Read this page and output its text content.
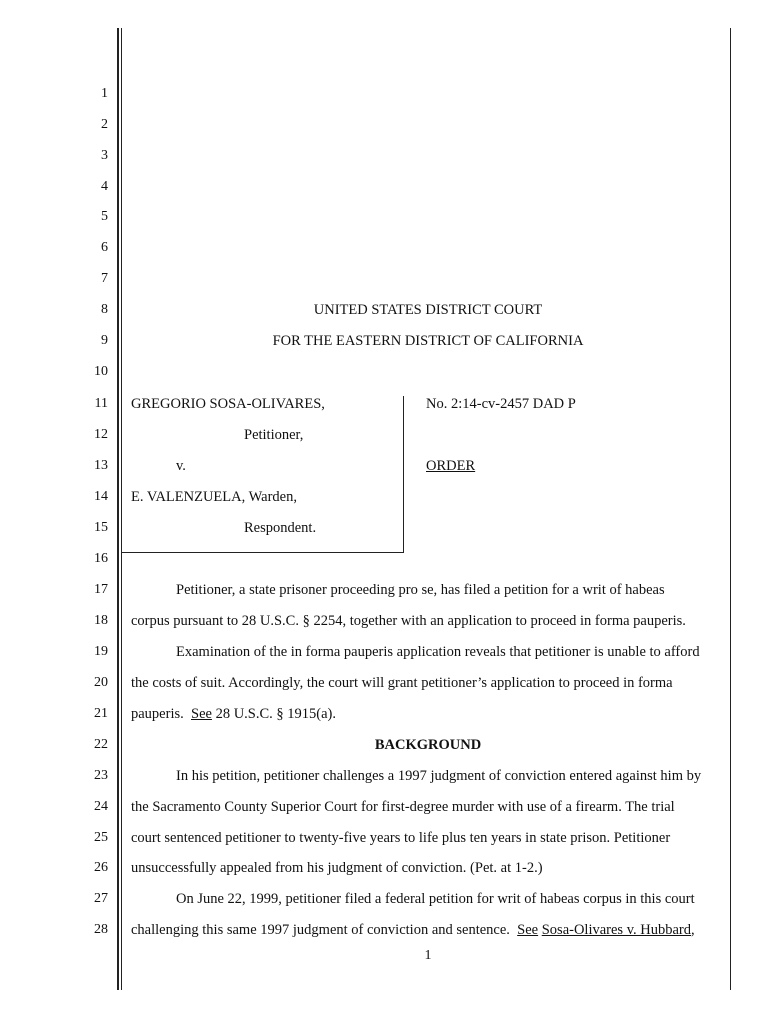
1
2
3
4
5
6
7
8
9
10
11
12
13
14
15
16
17
18
19
20
21
22
23
24
25
26
27
28
UNITED STATES DISTRICT COURT
FOR THE EASTERN DISTRICT OF CALIFORNIA
GREGORIO SOSA-OLIVARES,
Petitioner,
v.
E. VALENZUELA, Warden,
Respondent.
No. 2:14-cv-2457 DAD P
ORDER
Petitioner, a state prisoner proceeding pro se, has filed a petition for a writ of habeas
corpus pursuant to 28 U.S.C. § 2254, together with an application to proceed in forma pauperis.
Examination of the in forma pauperis application reveals that petitioner is unable to afford
the costs of suit. Accordingly, the court will grant petitioner’s application to proceed in forma
pauperis.  See 28 U.S.C. § 1915(a).
BACKGROUND
In his petition, petitioner challenges a 1997 judgment of conviction entered against him by
the Sacramento County Superior Court for first-degree murder with use of a firearm. The trial
court sentenced petitioner to twenty-five years to life plus ten years in state prison. Petitioner
unsuccessfully appealed from his judgment of conviction. (Pet. at 1-2.)
On June 22, 1999, petitioner filed a federal petition for writ of habeas corpus in this court
challenging this same 1997 judgment of conviction and sentence.  See Sosa-Olivares v. Hubbard,
1
